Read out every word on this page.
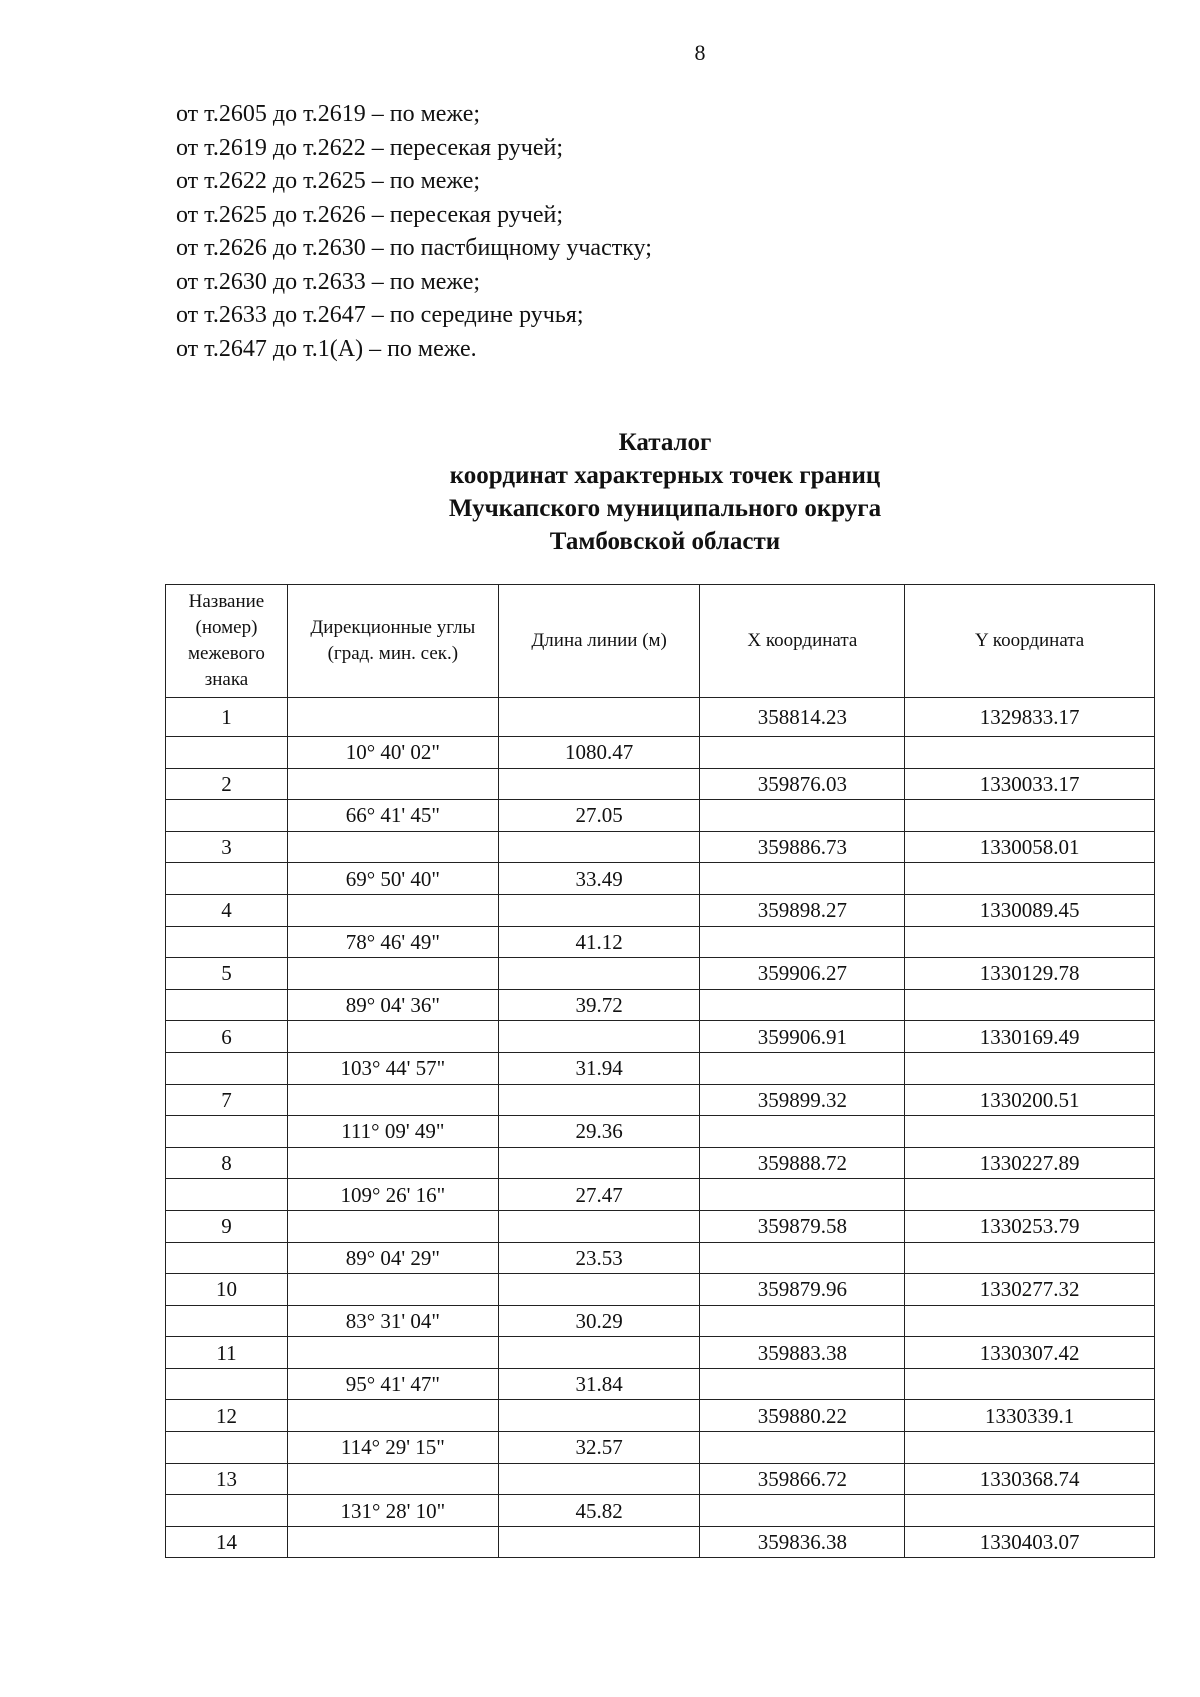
8
от т.2605 до т.2619 – по меже;
от т.2619 до т.2622 – пересекая ручей;
от т.2622 до т.2625 – по меже;
от т.2625 до т.2626 – пересекая ручей;
от т.2626 до т.2630 – по пастбищному участку;
от т.2630 до т.2633 – по меже;
от т.2633 до т.2647 – по середине ручья;
от т.2647 до т.1(А) – по меже.
Каталог
координат характерных точек границ
Мучкапского муниципального округа
Тамбовской области
Название (номер) межевого знака	Дирекционные углы (град. мин. сек.)	Длина линии (м)	X координата	Y координата
1			358814.23	1329833.17
	10° 40' 02"	1080.47		
2			359876.03	1330033.17
	66° 41' 45"	27.05		
3			359886.73	1330058.01
	69° 50' 40"	33.49		
4			359898.27	1330089.45
	78° 46' 49"	41.12		
5			359906.27	1330129.78
	89° 04' 36"	39.72		
6			359906.91	1330169.49
	103° 44' 57"	31.94		
7			359899.32	1330200.51
	111° 09' 49"	29.36		
8			359888.72	1330227.89
	109° 26' 16"	27.47		
9			359879.58	1330253.79
	89° 04' 29"	23.53		
10			359879.96	1330277.32
	83° 31' 04"	30.29		
11			359883.38	1330307.42
	95° 41' 47"	31.84		
12			359880.22	1330339.1
	114° 29' 15"	32.57		
13			359866.72	1330368.74
	131° 28' 10"	45.82		
14			359836.38	1330403.07
